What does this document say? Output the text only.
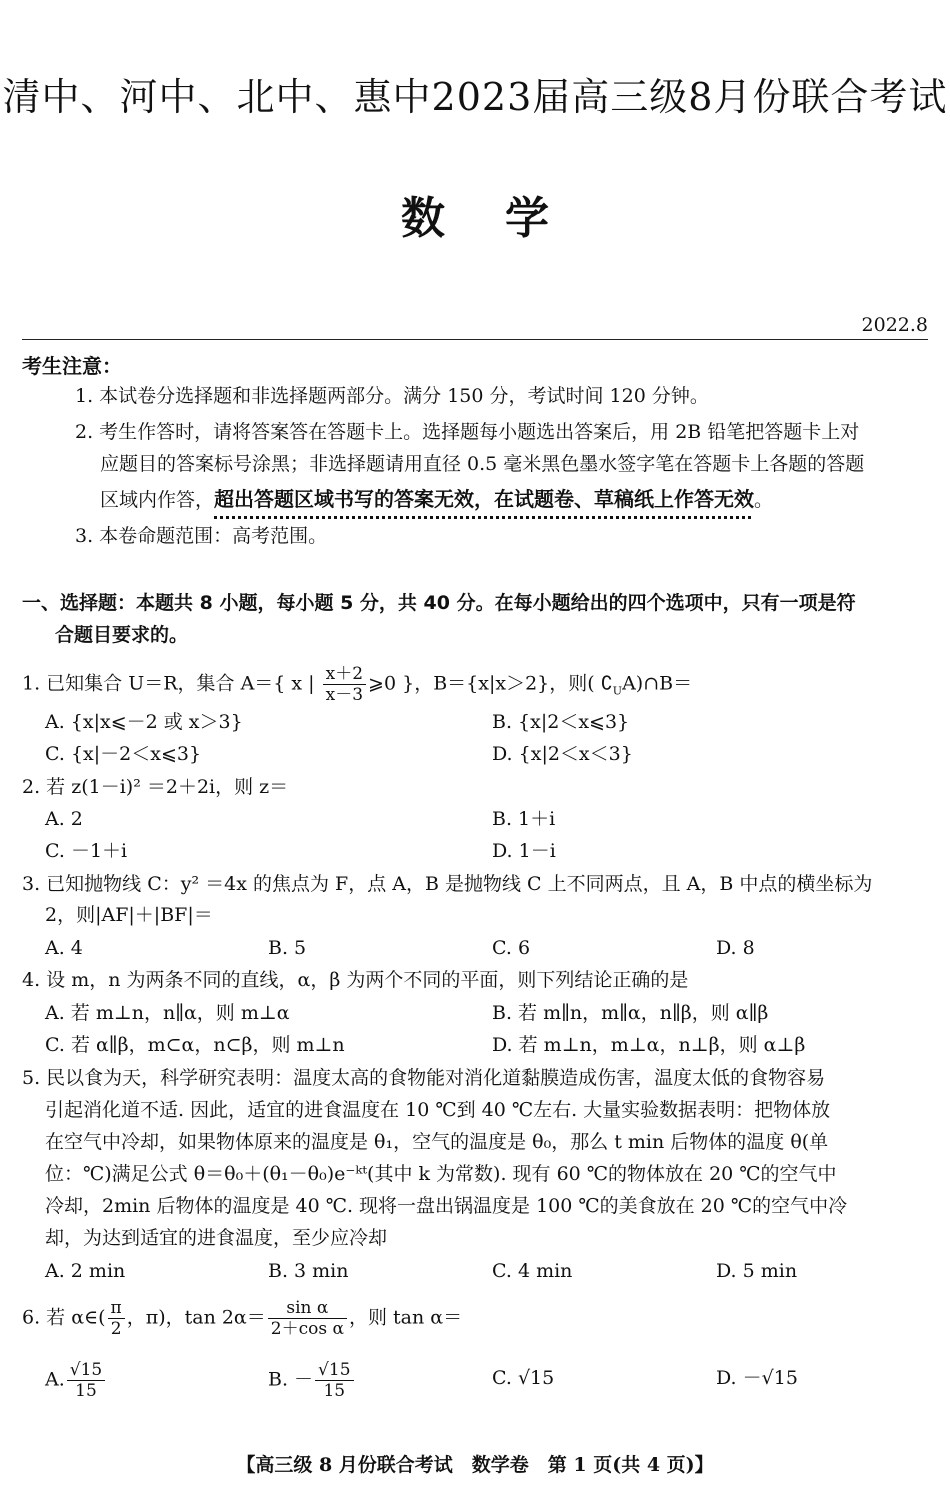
清中、河中、北中、惠中2023届高三级8月份联合考试
数学
2022.8
考生注意：
1. 本试卷分选择题和非选择题两部分。满分 150 分，考试时间 120 分钟。
2. 考生作答时，请将答案答在答题卡上。选择题每小题选出答案后，用 2B 铅笔把答题卡上对
应题目的答案标号涂黑；非选择题请用直径 0.5 毫米黑色墨水签字笔在答题卡上各题的答题
区域内作答，超出答题区域书写的答案无效，在试题卷、草稿纸上作答无效。
3. 本卷命题范围：高考范围。
一、选择题：本题共 8 小题，每小题 5 分，共 40 分。在每小题给出的四个选项中，只有一项是符
合题目要求的。
1. 已知集合 U＝R，集合 A＝{ x | $\frac{x+2}{x-3}$ ⩾0 }，B＝{x|x＞2}，则( $∁_UA)\cap B=$
A. {x|x⩽－2 或 x＞3}	B. {x|2＜x⩽3}
C. {x|－2＜x⩽3}	D. {x|2＜x＜3}
2. 若 z(1－i)² ＝2＋2i，则 z＝
A. 2	B. 1＋i
C. －1＋i	D. 1－i
3. 已知抛物线 C：y² ＝4x 的焦点为 F，点 A，B 是抛物线 C 上不同两点，且 A，B 中点的横坐标为
2，则|AF|＋|BF|＝
A. 4	B. 5	C. 6	D. 8
4. 设 m，n 为两条不同的直线，α，β 为两个不同的平面，则下列结论正确的是
A. 若 m⊥n，n∥α，则 m⊥α	B. 若 m∥n，m∥α，n∥β，则 α∥β
C. 若 α∥β，m⊂α，n⊂β，则 m⊥n	D. 若 m⊥n，m⊥α，n⊥β，则 α⊥β
5. 民以食为天，科学研究表明：温度太高的食物能对消化道黏膜造成伤害，温度太低的食物容易
引起消化道不适. 因此，适宜的进食温度在 10 ℃到 40 ℃左右. 大量实验数据表明：把物体放
在空气中冷却，如果物体原来的温度是 θ₁，空气的温度是 θ₀，那么 t min 后物体的温度 θ(单
位：℃)满足公式 θ＝θ₀＋(θ₁－θ₀)e⁻ᵏᵗ(其中 k 为常数). 现有 60 ℃的物体放在 20 ℃的空气中
冷却，2min 后物体的温度是 40 ℃. 现将一盘出锅温度是 100 ℃的美食放在 20 ℃的空气中冷
却，为达到适宜的进食温度，至少应冷却
A. 2 min	B. 3 min	C. 4 min	D. 5 min
6. 若 α∈( $\frac{\pi}{2}$ ，π)，$\tan 2\alpha= \frac{\text{sin α}}{\text{2＋cos α}}$ ，则 tan α＝
A. $\frac{√15}{15}$	B. － $\frac{√15}{15}$	C. √15	D. －√15
【高三级 8 月份联合考试　数学卷　第 1 页(共 4 页)】
